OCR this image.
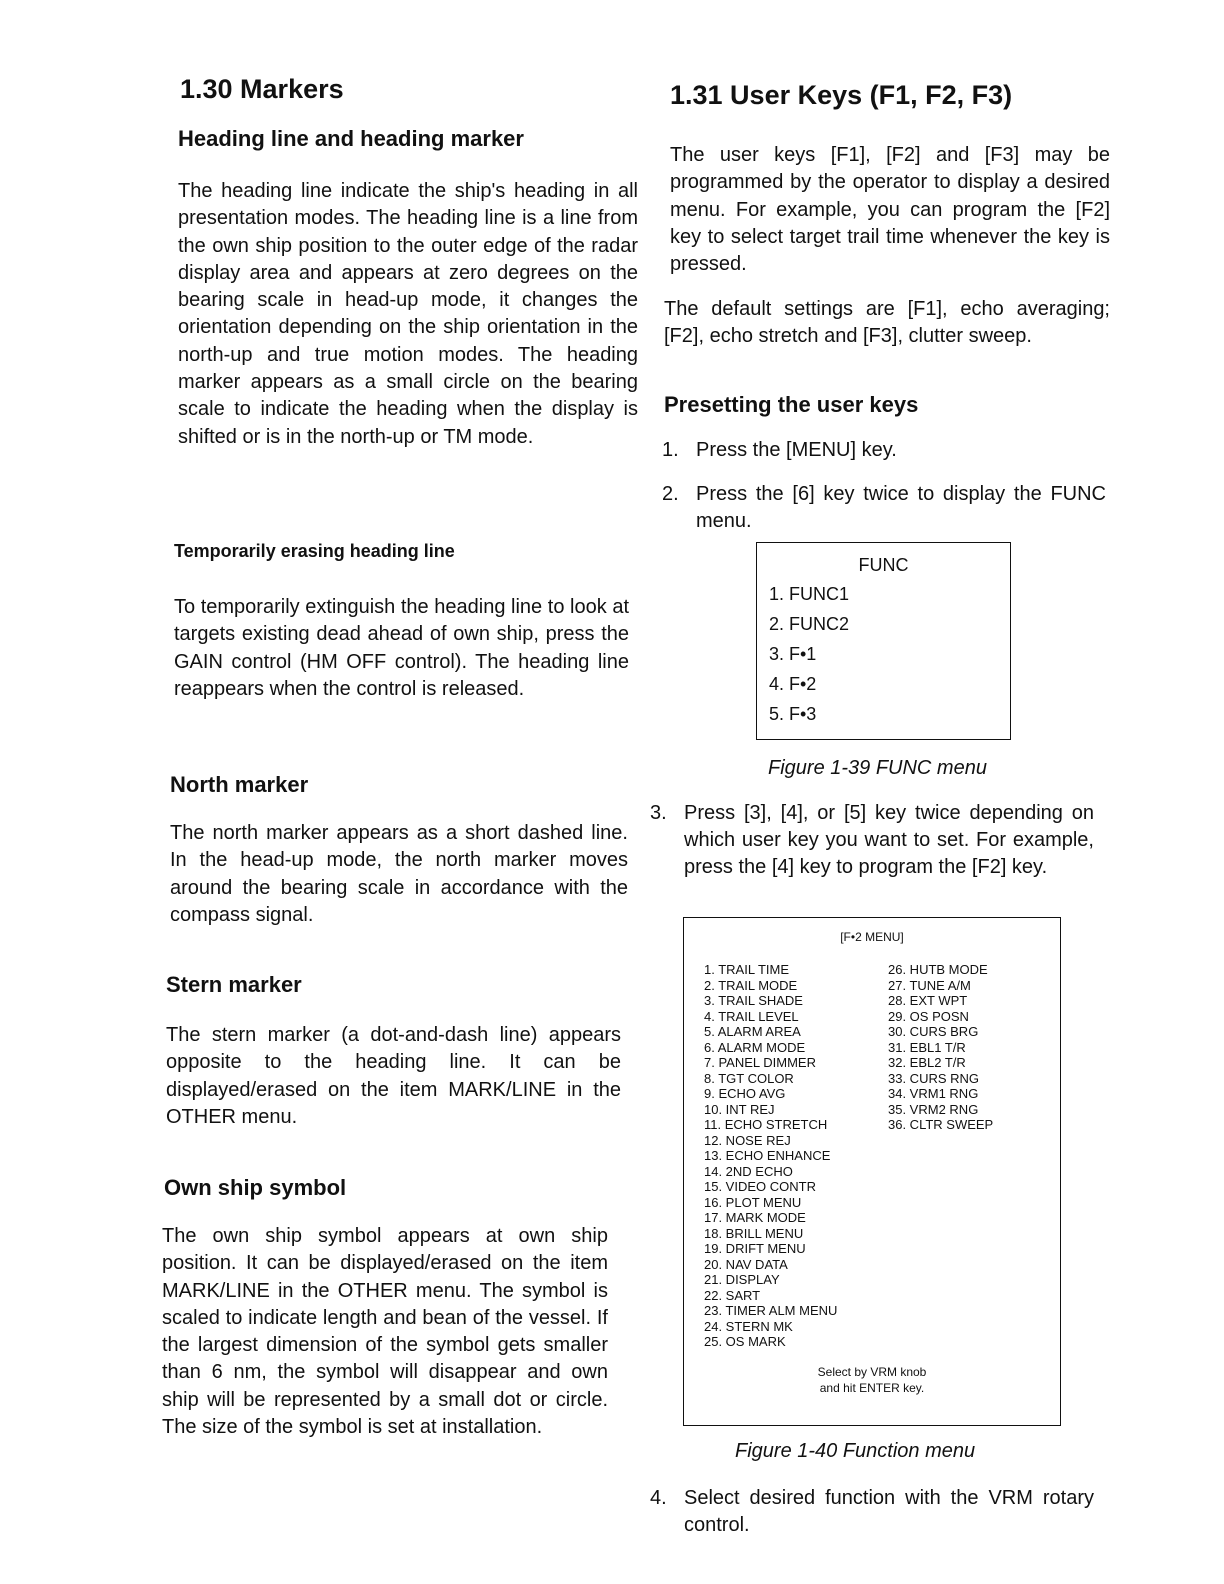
1.30 Markers
Heading line and heading marker

The heading line indicate the ship's heading in all presentation modes. The heading line is a line from the own ship position to the outer edge of the radar display area and appears at zero degrees on the bearing scale in head-up mode, it changes the orientation depending on the ship orientation in the north-up and true motion modes. The heading marker appears as a small circle on the bearing scale to indicate the heading when the display is shifted or is in the north-up or TM mode.

Temporarily erasing heading line

To temporarily extinguish the heading line to look at targets existing dead ahead of own ship, press the GAIN control (HM OFF control). The heading line reappears when the control is released.

North marker

The north marker appears as a short dashed line. In the head-up mode, the north marker moves around the bearing scale in accordance with the compass signal.

Stern marker

The stern marker (a dot-and-dash line) appears opposite to the heading line. It can be displayed/erased on the item MARK/LINE in the OTHER menu.

Own ship symbol

The own ship symbol appears at own ship position. It can be displayed/erased on the item MARK/LINE in the OTHER menu. The symbol is scaled to indicate length and bean of the vessel. If the largest dimension of the symbol gets smaller than 6 nm, the symbol will disappear and own ship will be represented by a small dot or circle. The size of the symbol is set at installation.

1.31 User Keys (F1, F2, F3)

The user keys [F1], [F2] and [F3] may be programmed by the operator to display a desired menu. For example, you can program the [F2] key to select target trail time whenever the key is pressed.

The default settings are [F1], echo averaging; [F2], echo stretch and [F3], clutter sweep.

Presetting the user keys
1. Press the [MENU] key.
2. Press the [6] key twice to display the FUNC menu.
FUNC
1. FUNC1
2. FUNC2
3. F•1
4. F•2
5. F•3
Figure 1-39 FUNC menu
3. Press [3], [4], or [5] key twice depending on which user key you want to set. For example, press the [4] key to program the [F2] key.
[F•2 MENU]
1. TRAIL TIME
2. TRAIL MODE
3. TRAIL SHADE
4. TRAIL LEVEL
5. ALARM AREA
6. ALARM MODE
7. PANEL DIMMER
8. TGT COLOR
9. ECHO AVG
10. INT REJ
11. ECHO STRETCH
12. NOSE REJ
13. ECHO ENHANCE
14. 2ND ECHO
15. VIDEO CONTR
16. PLOT MENU
17. MARK MODE
18. BRILL MENU
19. DRIFT MENU
20. NAV DATA
21. DISPLAY
22. SART
23. TIMER ALM MENU
24. STERN MK
25. OS MARK
26. HUTB MODE
27. TUNE A/M
28. EXT WPT
29. OS POSN
30. CURS BRG
31. EBL1 T/R
32. EBL2 T/R
33. CURS RNG
34. VRM1 RNG
35. VRM2 RNG
36. CLTR SWEEP
Select by VRM knob
and hit ENTER key.
Figure 1-40 Function menu
4. Select desired function with the VRM rotary control.
